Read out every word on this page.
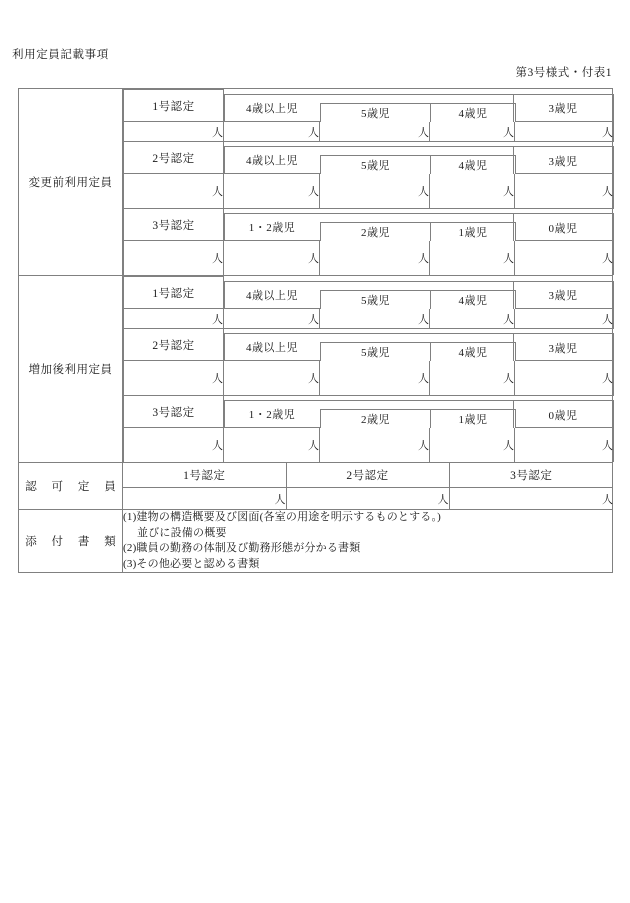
利用定員記載事項
第3号様式・付表1
変更前利用定員	
1号認定	4歳以上児	5歳児	4歳児	3歳児

人	人	人	人	人
2号認定	4歳以上児	5歳児	4歳児	3歳児

人	人	人	人	人
3号認定	1・2歳児	2歳児	1歳児	0歳児

人	人	人	人	人

増加後利用定員	
1号認定	4歳以上児	5歳児	4歳児	3歳児

人	人	人	人	人
2号認定	4歳以上児	5歳児	4歳児	3歳児

人	人	人	人	人
3号認定	1・2歳児	2歳児	1歳児	0歳児

人	人	人	人	人

認 可 定 員	
1号認定	2号認定	3号認定
人	人	人

添 付 書 類	
(1)建物の構造概要及び図面(各室の用途を明示するものとする。)
並びに設備の概要
(2)職員の勤務の体制及び勤務形態が分かる書類
(3)その他必要と認める書類
